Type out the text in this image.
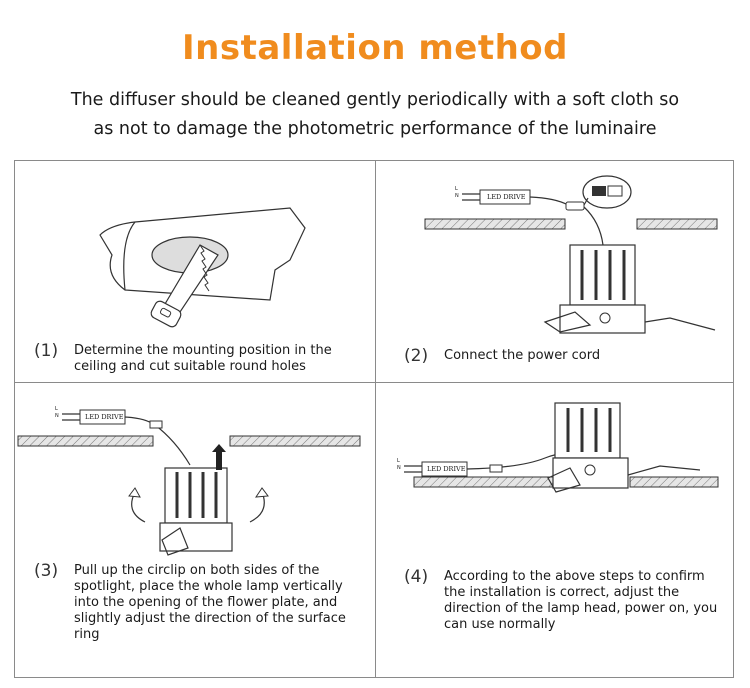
Installation method
The diffuser should be cleaned gently periodically with a soft cloth so
as not to damage the photometric performance of the luminaire
LED DRIVE
LED DRIVE
LED DRIVE
L
N
L
N
L
N
(1) Determine the mounting position in the ceiling and cut suitable round holes
(2) Connect the power cord
(3) Pull up the circlip on both sides of the spotlight, place the whole lamp vertically into the opening of the flower plate, and slightly adjust the direction of the surface ring
(4) According to the above steps to confirm the installation is correct, adjust the direction of the lamp head, power on, you can use normally
